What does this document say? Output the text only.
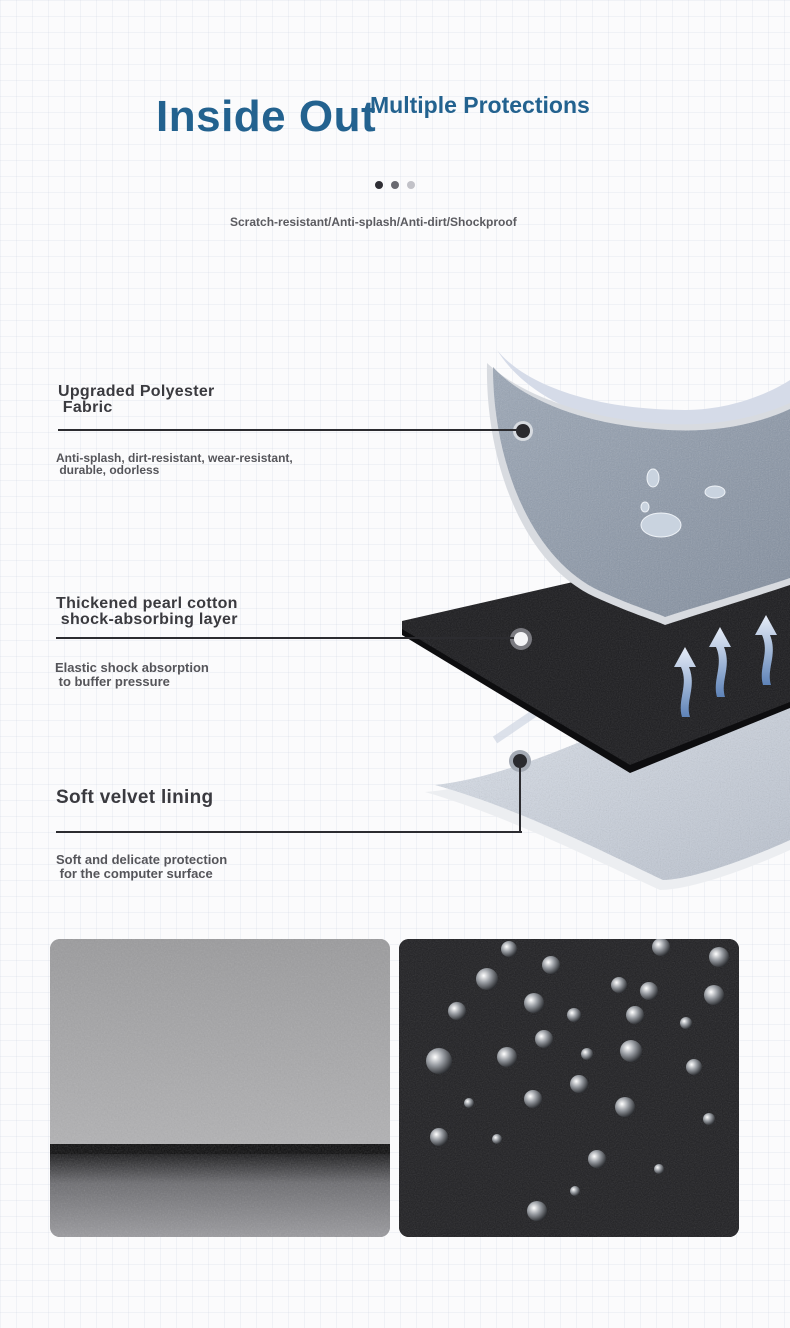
Inside Out
Multiple Protections
Scratch-resistant/Anti-splash/Anti-dirt/Shockproof
Upgraded Polyester
Fabric
Anti-splash, dirt-resistant, wear-resistant,
durable, odorless
Thickened pearl cotton
shock-absorbing layer
Elastic shock absorption
to buffer pressure
Soft velvet lining
Soft and delicate protection
for the computer surface
